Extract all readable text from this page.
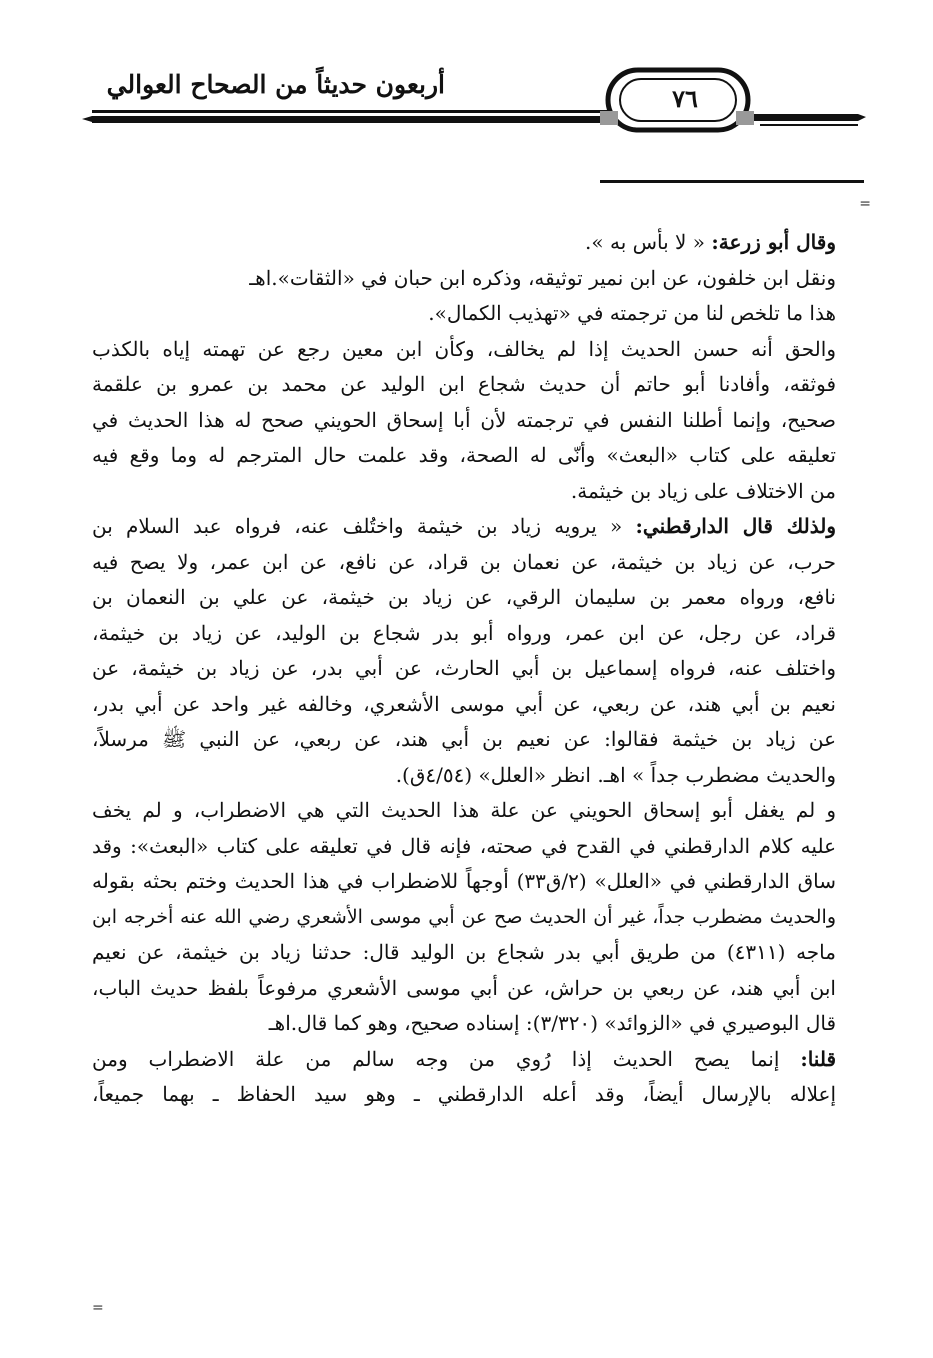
أربعون حديثاً من الصحاح العوالي	٧٦
=
=
وقال أبو زرعة: « لا بأس به ».
ونقل ابن خلفون، عن ابن نمير توثيقه، وذكره ابن حبان في «الثقات».اهـ
هذا ما تلخص لنا من ترجمته في «تهذيب الكمال».
والحق أنه حسن الحديث إذا لم يخالف، وكأن ابن معين رجع عن تهمته إياه بالكذب
فوثقه، وأفادنا أبو حاتم أن حديث شجاع ابن الوليد عن محمد بن عمرو بن علقمة
صحيح، وإنما أطلنا النفس في ترجمته لأن أبا إسحاق الحويني صحح له هذا الحديث في
تعليقه على كتاب «البعث» وأنّى له الصحة، وقد علمت حال المترجم له وما وقع فيه
من الاختلاف على زياد بن خيثمة.
ولذلك قال الدارقطني: « يرويه زياد بن خيثمة واختُلف عنه، فرواه عبد السلام بن
حرب، عن زياد بن خيثمة، عن نعمان بن قراد، عن نافع، عن ابن عمر، ولا يصح فيه
نافع، ورواه معمر بن سليمان الرقي، عن زياد بن خيثمة، عن علي بن النعمان بن
قراد، عن رجل، عن ابن عمر، ورواه أبو بدر شجاع بن الوليد، عن زياد بن خيثمة،
واختلف عنه، فرواه إسماعيل بن أبي الحارث، عن أبي بدر، عن زياد بن خيثمة، عن
نعيم بن أبي هند، عن ربعي، عن أبي موسى الأشعري، وخالفه غير واحد عن أبي بدر،
عن زياد بن خيثمة فقالوا: عن نعيم بن أبي هند، عن ربعي، عن النبي ﷺ مرسلاً،
والحديث مضطرب جداً » اهـ. انظر «العلل» (٤/٥٤ق).
و لم يغفل أبو إسحاق الحويني عن علة هذا الحديث التي هي الاضطراب، و لم يخف
عليه كلام الدارقطني في القدح في صحته، فإنه قال في تعليقه على كتاب «البعث»: وقد
ساق الدارقطني في «العلل» (٢/ق٣٣) أوجهاً للاضطراب في هذا الحديث وختم بحثه بقوله
والحديث مضطرب جداً، غير أن الحديث صح عن أبي موسى الأشعري رضي الله عنه أخرجه ابن
ماجه (٤٣١١) من طريق أبي بدر شجاع بن الوليد قال: حدثنا زياد بن خيثمة، عن نعيم
ابن أبي هند، عن ربعي بن حراش، عن أبي موسى الأشعري مرفوعاً بلفظ حديث الباب،
قال البوصيري في «الزوائد» (٣/٣٢٠): إسناده صحيح، وهو كما قال.اهـ
قلنا: إنما يصح الحديث إذا رُوي من وجه سالم من علة الاضطراب ومن
إعلاله بالإرسال أيضاً، وقد أعله الدارقطني ـ وهو سيد الحفاظ ـ بهما جميعاً،
